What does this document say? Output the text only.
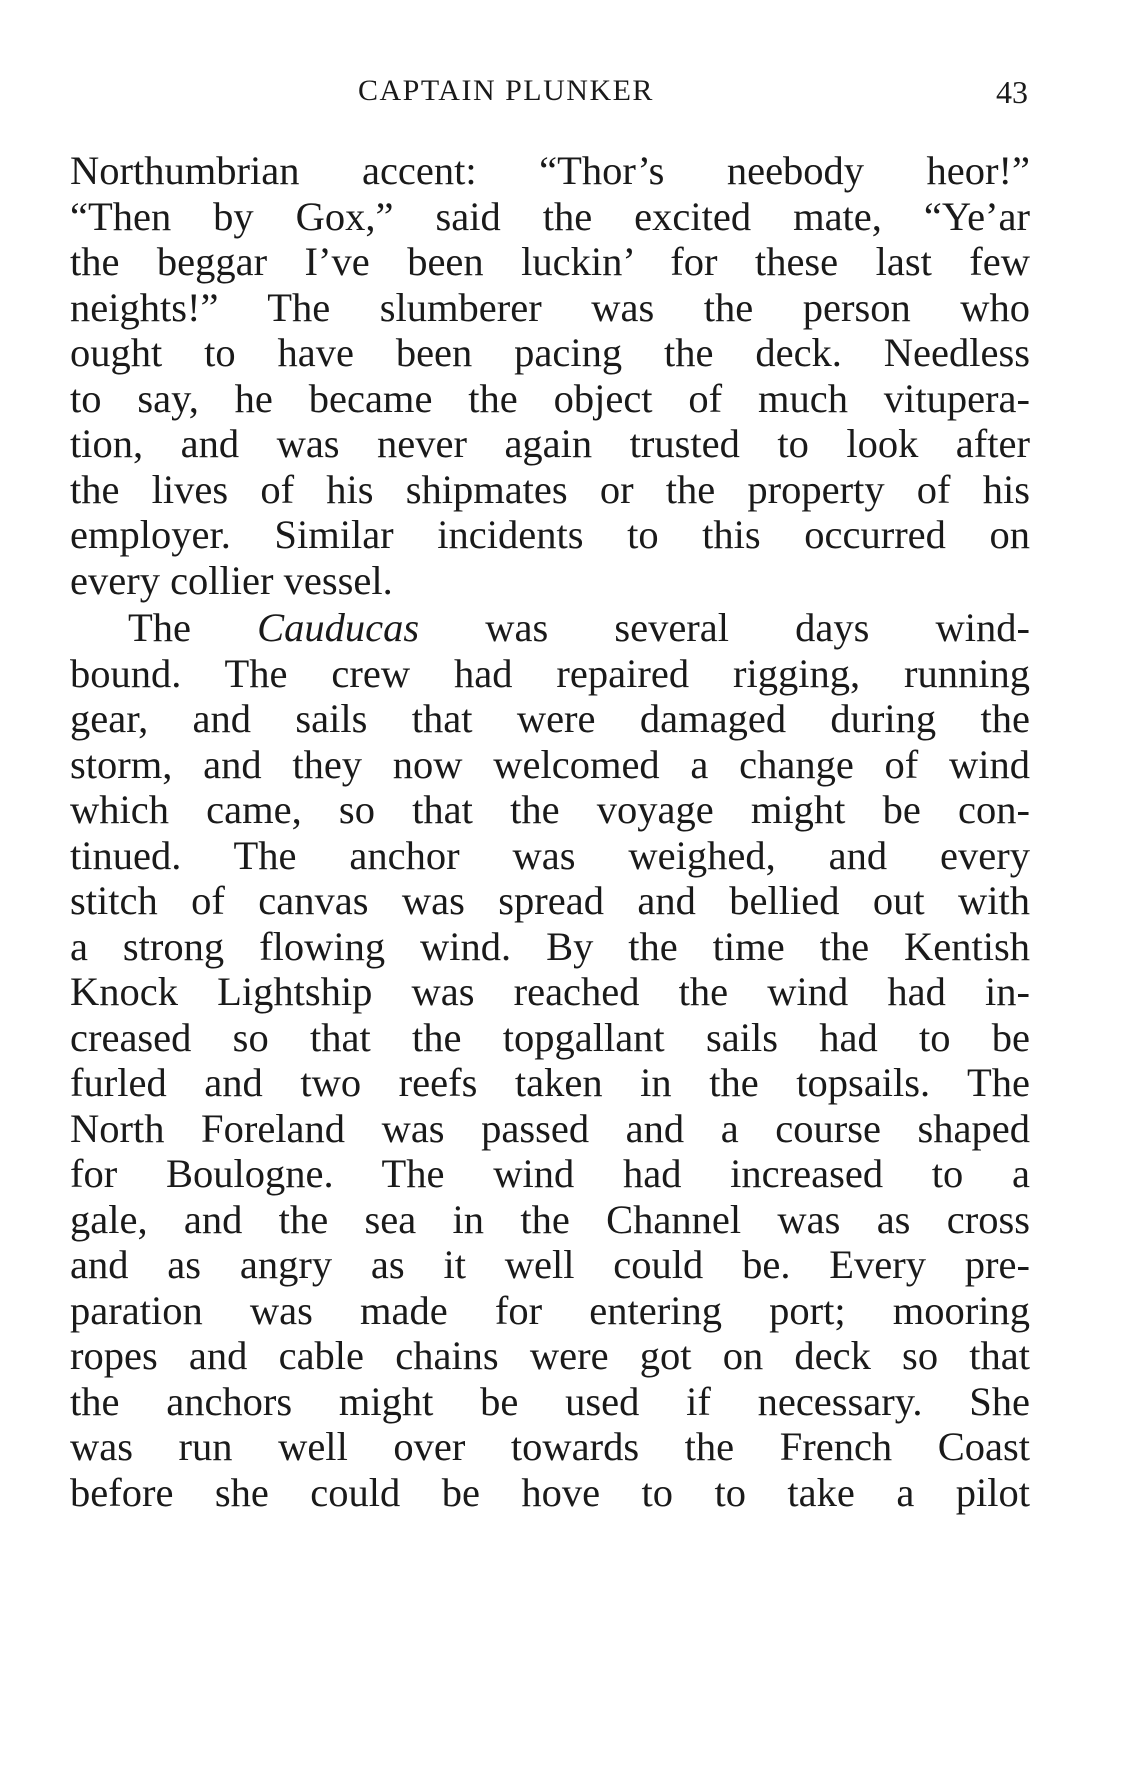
CAPTAIN PLUNKER	43
Northumbrian accent: “Thor’s neebody heor!”
“Then by Gox,” said the excited mate, “Ye’ar
the beggar I’ve been luckin’ for these last few
neights!” The slumberer was the person who
ought to have been pacing the deck. Needless
to say, he became the object of much vitupera-
tion, and was never again trusted to look after
the lives of his shipmates or the property of his
employer. Similar incidents to this occurred on
every collier vessel.
The Cauducas was several days wind-
bound. The crew had repaired rigging, running
gear, and sails that were damaged during the
storm, and they now welcomed a change of wind
which came, so that the voyage might be con-
tinued. The anchor was weighed, and every
stitch of canvas was spread and bellied out with
a strong flowing wind. By the time the Kentish
Knock Lightship was reached the wind had in-
creased so that the topgallant sails had to be
furled and two reefs taken in the topsails. The
North Foreland was passed and a course shaped
for Boulogne. The wind had increased to a
gale, and the sea in the Channel was as cross
and as angry as it well could be. Every pre-
paration was made for entering port; mooring
ropes and cable chains were got on deck so that
the anchors might be used if necessary. She
was run well over towards the French Coast
before she could be hove to to take a pilot
